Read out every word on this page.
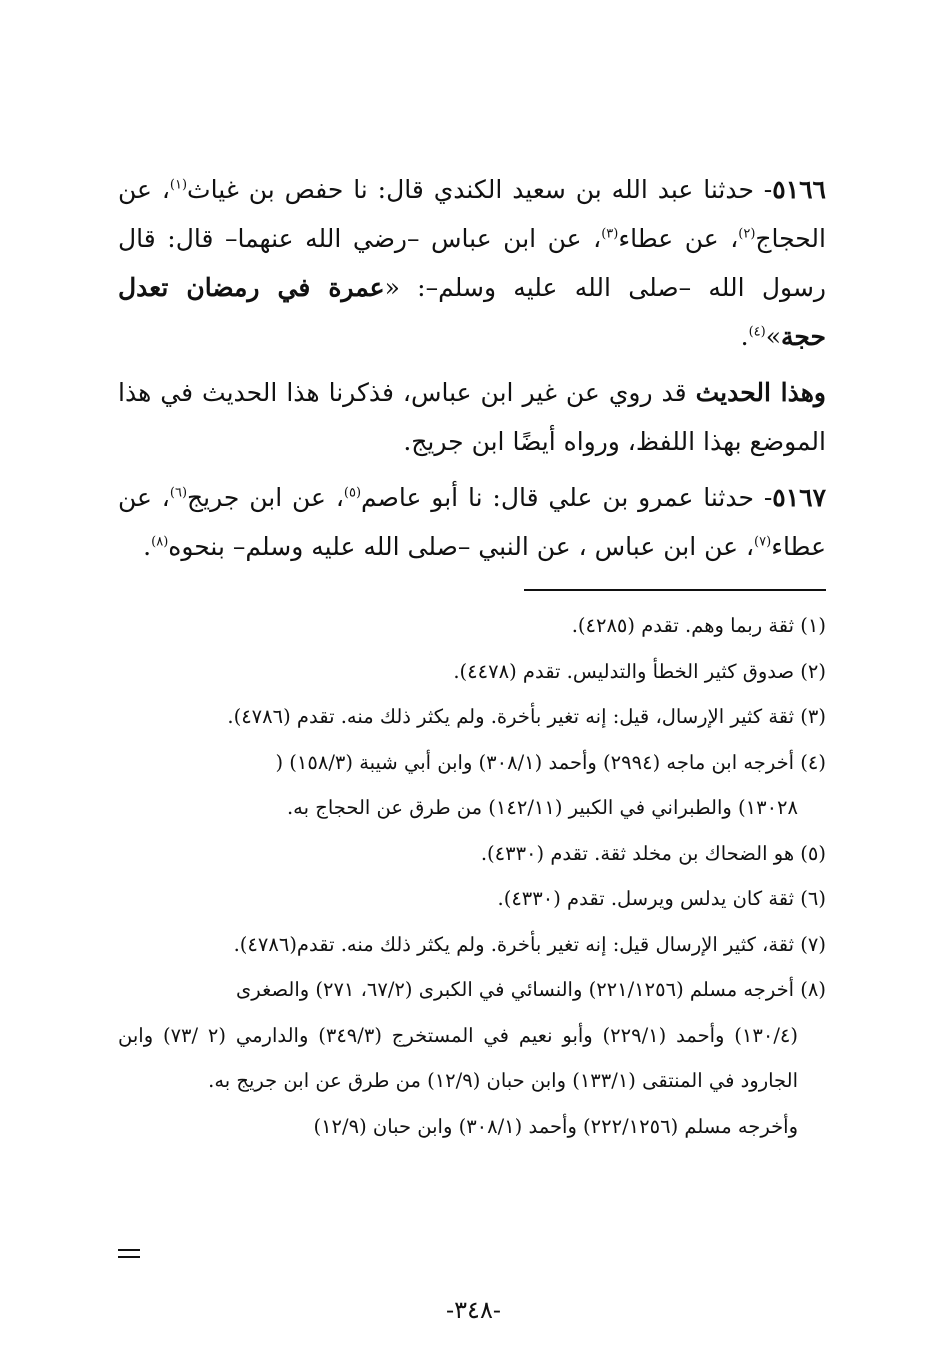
٥١٦٦- حدثنا عبد الله بن سعيد الكندي قال: نا حفص بن غياث$^{(١)}$، عن الحجاج$^{(٢)}$، عن عطاء$^{(٣)}$، عن ابن عباس –رضي الله عنهما– قال: قال رسول الله –صلى الله عليه وسلم–: «عمرة في رمضان تعدل حجة»$^{(٤)}$.

وهذا الحديث قد روي عن غير ابن عباس، فذكرنا هذا الحديث في هذا الموضع بهذا اللفظ، ورواه أيضًا ابن جريج.

٥١٦٧- حدثنا عمرو بن علي قال: نا أبو عاصم$^{(٥)}$، عن ابن جريج$^{(٦)}$، عن عطاء$^{(٧)}$، عن ابن عباس ، عن النبي –صلى الله عليه وسلم– بنحوه$^{(٨)}$.

(١) ثقة ربما وهم. تقدم (٤٢٨٥).

(٢) صدوق كثير الخطأ والتدليس. تقدم (٤٤٧٨).

(٣) ثقة كثير الإرسال، قيل: إنه تغير بأخرة. ولم يكثر ذلك منه. تقدم (٤٧٨٦).

(٤) أخرجه ابن ماجه (٢٩٩٤) وأحمد (٣٠٨/١) وابن أبي شيبة (١٥٨/٣) (
١٣٠٢٨) والطبراني في الكبير (١٤٢/١١) من طرق عن الحجاج به.

(٥) هو الضحاك بن مخلد ثقة. تقدم (٤٣٣٠).

(٦) ثقة كان يدلس ويرسل. تقدم (٤٣٣٠).

(٧) ثقة، كثير الإرسال قيل: إنه تغير بأخرة. ولم يكثر ذلك منه. تقدم(٤٧٨٦).

(٨) أخرجه مسلم (٢٢١/١٢٥٦) والنسائي في الكبرى (٦٧/٢، ٢٧١) والصغرى
(١٣٠/٤) وأحمد (٢٢٩/١) وأبو نعيم في المستخرج (٣٤٩/٣) والدارمي (٢ /٧٣) وابن الجارود في المنتقى (١٣٣/١) وابن حبان (١٢/٩) من طرق عن ابن جريج به.
وأخرجه مسلم (٢٢٢/١٢٥٦) وأحمد (٣٠٨/١) وابن حبان (١٢/٩)

-٣٤٨-
